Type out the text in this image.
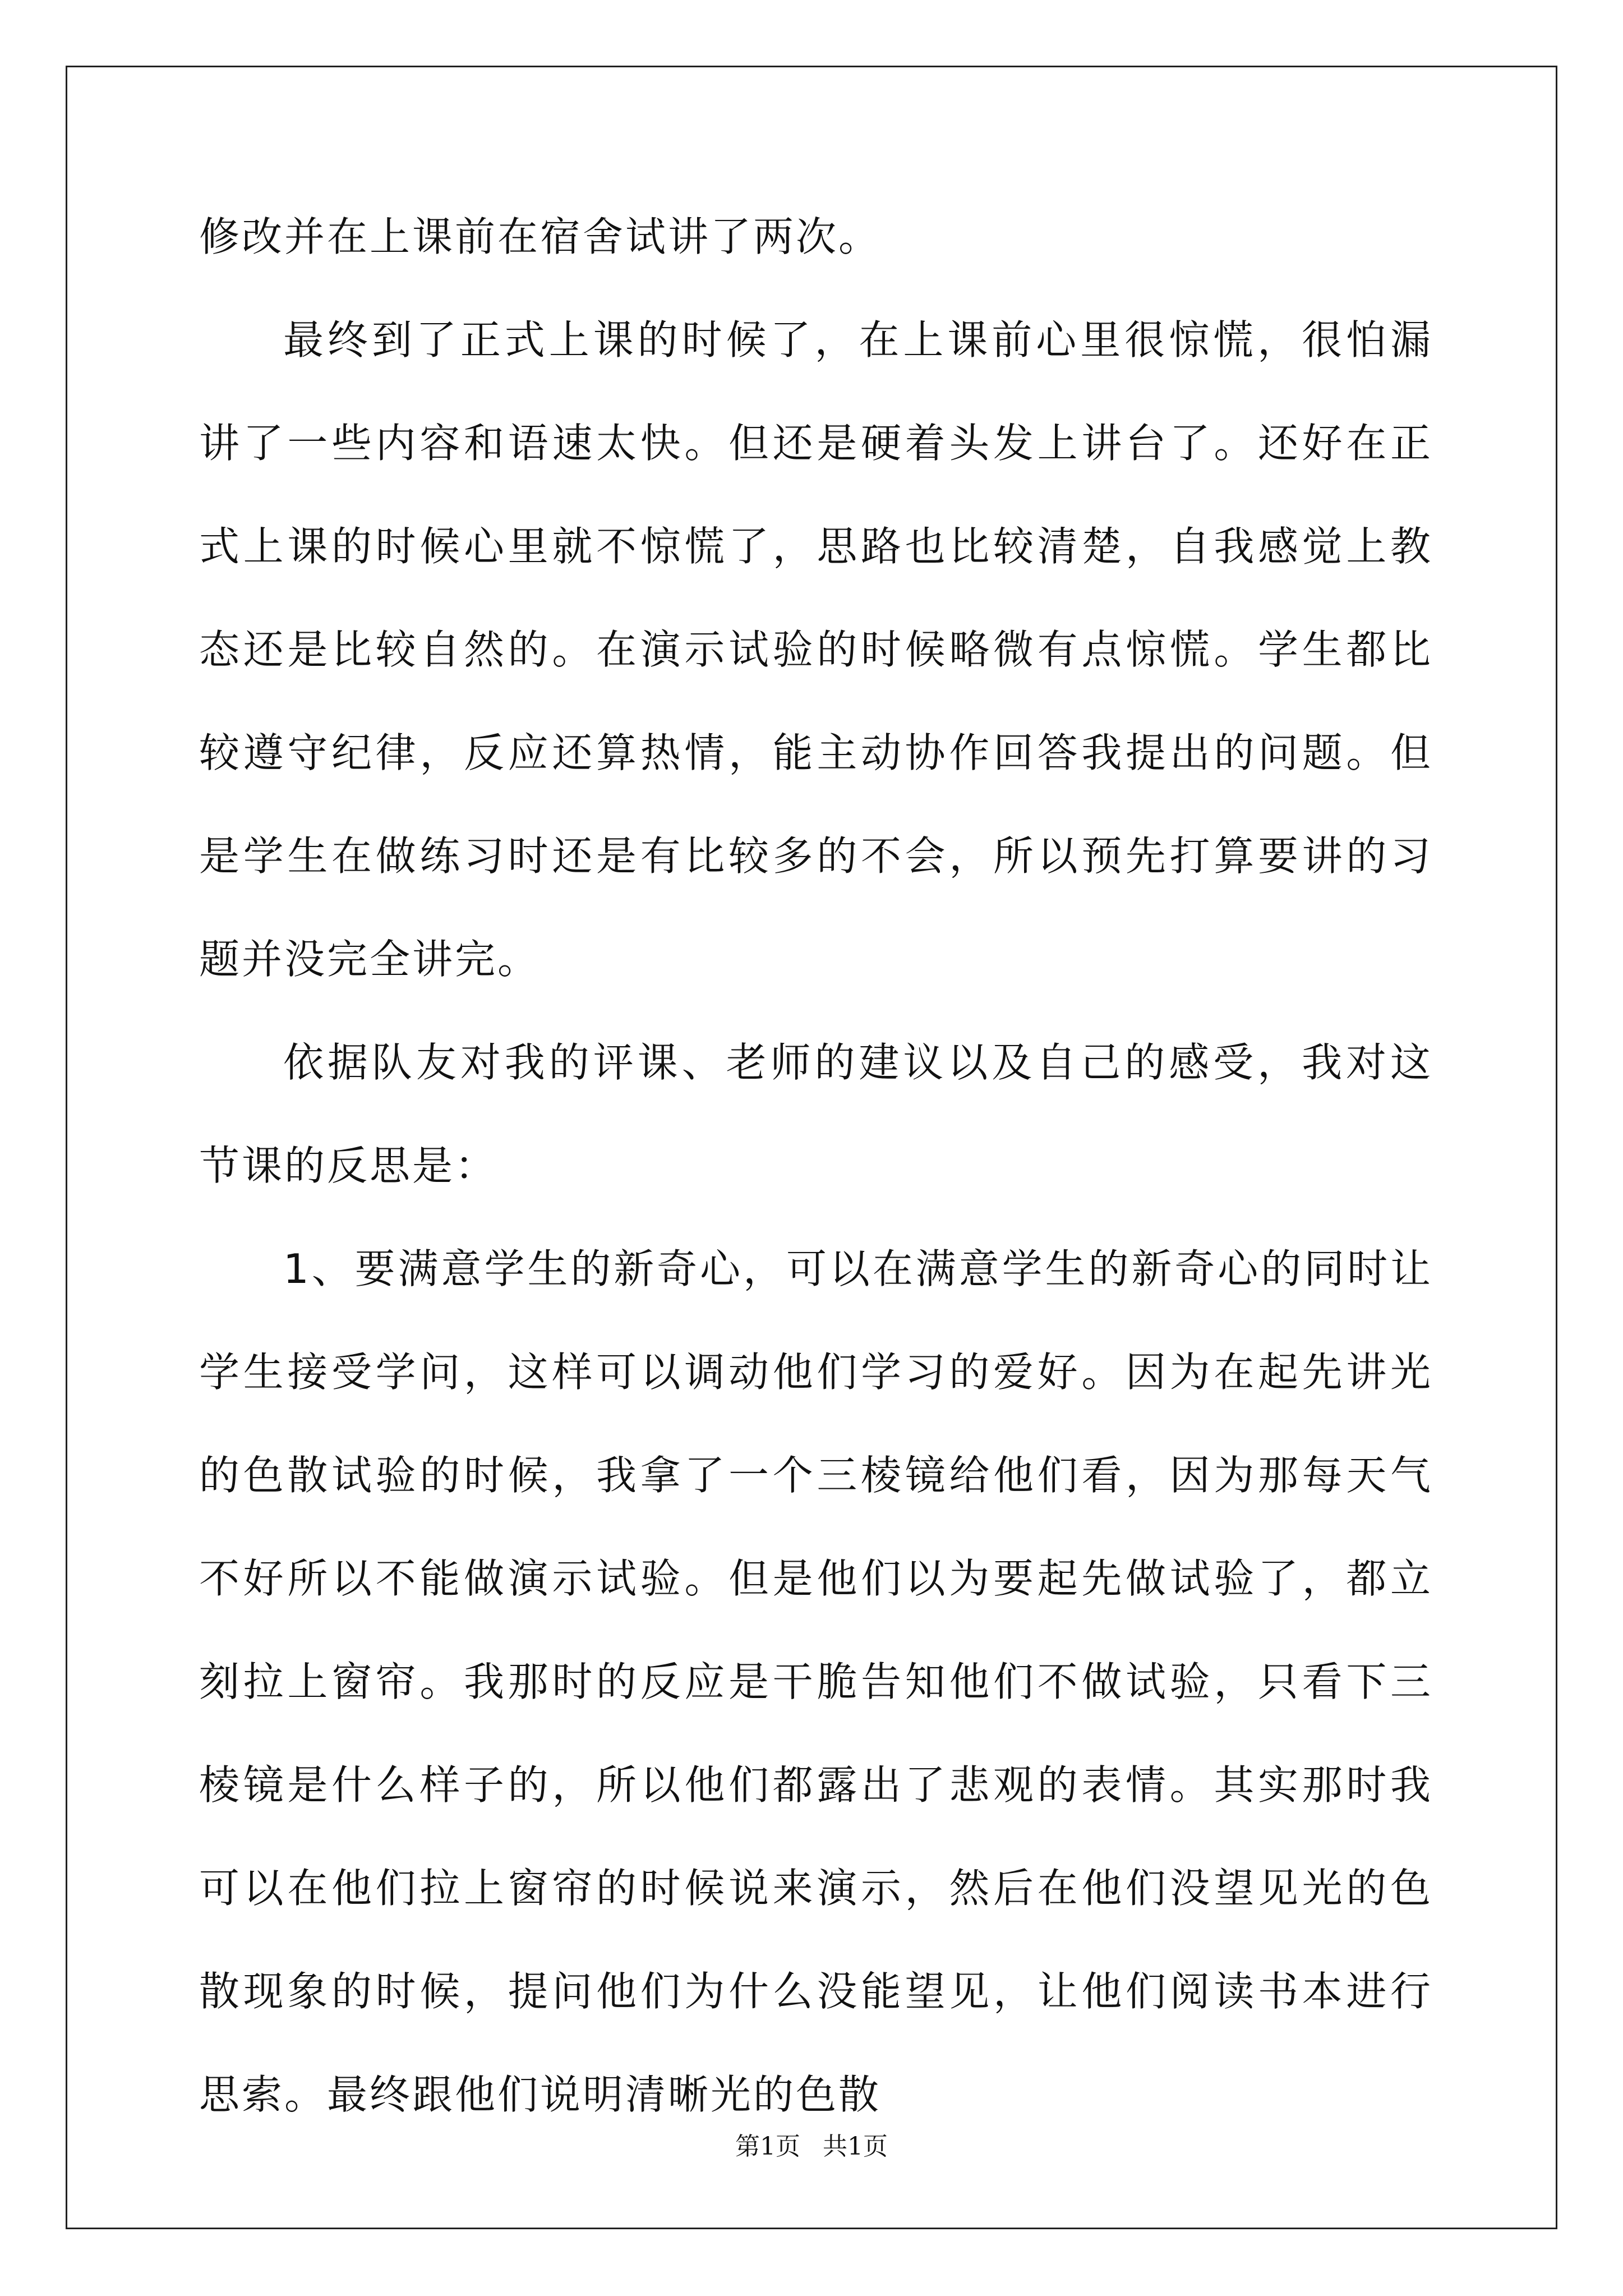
修改并在上课前在宿舍试讲了两次。

最终到了正式上课的时候了，在上课前心里很惊慌，很怕漏讲了一些内容和语速太快。但还是硬着头发上讲台了。还好在正式上课的时候心里就不惊慌了，思路也比较清楚，自我感觉上教态还是比较自然的。在演示试验的时候略微有点惊慌。学生都比较遵守纪律，反应还算热情，能主动协作回答我提出的问题。但是学生在做练习时还是有比较多的不会，所以预先打算要讲的习题并没完全讲完。

依据队友对我的评课、老师的建议以及自己的感受，我对这节课的反思是：

1、要满意学生的新奇心，可以在满意学生的新奇心的同时让学生接受学问，这样可以调动他们学习的爱好。因为在起先讲光的色散试验的时候，我拿了一个三棱镜给他们看，因为那每天气不好所以不能做演示试验。但是他们以为要起先做试验了，都立刻拉上窗帘。我那时的反应是干脆告知他们不做试验，只看下三棱镜是什么样子的，所以他们都露出了悲观的表情。其实那时我可以在他们拉上窗帘的时候说来演示，然后在他们没望见光的色散现象的时候，提问他们为什么没能望见，让他们阅读书本进行思索。最终跟他们说明清晰光的色散

第1页 共1页
